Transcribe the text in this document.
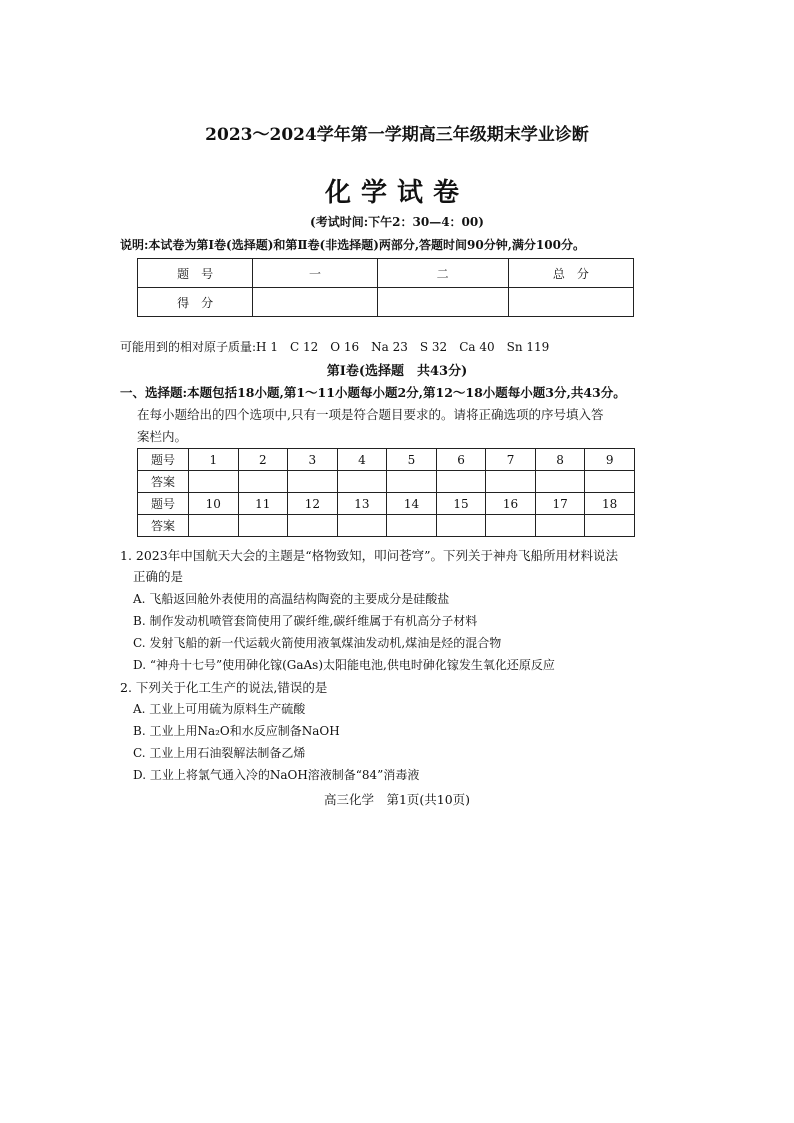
2023～2024学年第一学期高三年级期末学业诊断
化学试卷
(考试时间:下午2：30—4：00)
说明:本试卷为第Ⅰ卷(选择题)和第Ⅱ卷(非选择题)两部分,答题时间90分钟,满分100分。
题　号	一	二	总　分
得　分			
可能用到的相对原子质量:H 1　C 12　O 16　Na 23　S 32　Ca 40　Sn 119
第Ⅰ卷(选择题　共43分)
一、选择题:本题包括18小题,第1～11小题每小题2分,第12～18小题每小题3分,共43分。
在每小题给出的四个选项中,只有一项是符合题目要求的。请将正确选项的序号填入答
案栏内。
题号	1	2	3	4	5	6	7	8	9
答案									
题号	10	11	12	13	14	15	16	17	18
答案									
1. 2023年中国航天大会的主题是“格物致知，叩问苍穹”。下列关于神舟飞船所用材料说法
正确的是
A. 飞船返回舱外表使用的高温结构陶瓷的主要成分是硅酸盐
B. 制作发动机喷管套筒使用了碳纤维,碳纤维属于有机高分子材料
C. 发射飞船的新一代运载火箭使用液氧煤油发动机,煤油是烃的混合物
D. “神舟十七号”使用砷化镓(GaAs)太阳能电池,供电时砷化镓发生氧化还原反应
2. 下列关于化工生产的说法,错误的是
A. 工业上可用硫为原料生产硫酸
B. 工业上用Na₂O和水反应制备NaOH
C. 工业上用石油裂解法制备乙烯
D. 工业上将氯气通入冷的NaOH溶液制备“84”消毒液
高三化学　第1页(共10页)
